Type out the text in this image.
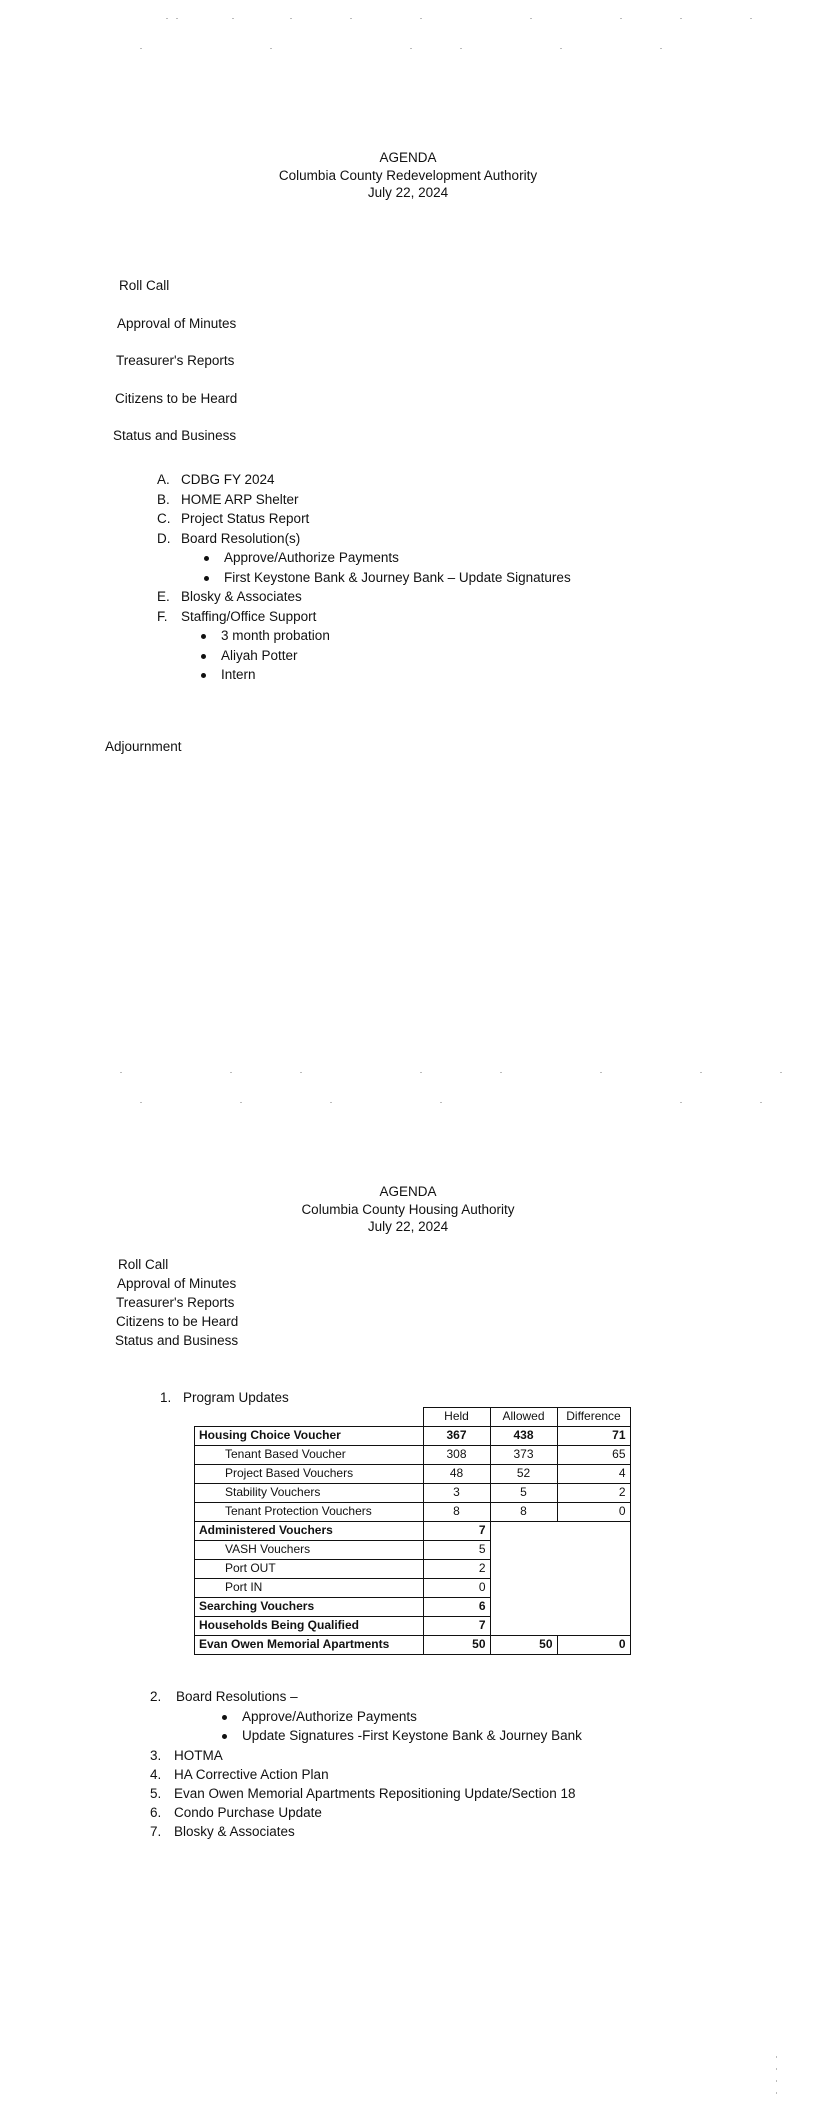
AGENDA
Columbia County Redevelopment Authority
July 22, 2024
Roll Call
Approval of Minutes
Treasurer's Reports
Citizens to be Heard
Status and Business
A. CDBG FY 2024
B. HOME ARP Shelter
C. Project Status Report
D. Board Resolution(s)
Approve/Authorize Payments
First Keystone Bank & Journey Bank – Update Signatures
E. Blosky & Associates
F. Staffing/Office Support
3 month probation
Aliyah Potter
Intern
Adjournment
AGENDA
Columbia County Housing Authority
July 22, 2024
Roll Call
Approval of Minutes
Treasurer's Reports
Citizens to be Heard
Status and Business
1. Program Updates
	Held	Allowed	Difference
Housing Choice Voucher	367	438	71
Tenant Based Voucher	308	373	65
Project Based Vouchers	48	52	4
Stability Vouchers	3	5	2
Tenant Protection Vouchers	8	8	0
Administered Vouchers	7		
VASH Vouchers	5		
Port OUT	2		
Port IN	0		
Searching Vouchers	6		
Households Being Qualified	7		
Evan Owen Memorial Apartments	50	50	0
2.	Board Resolutions –
Approve/Authorize Payments
Update Signatures -First Keystone Bank & Journey Bank
3. HOTMA
4. HA Corrective Action Plan
5. Evan Owen Memorial Apartments Repositioning Update/Section 18
6. Condo Purchase Update
7. Blosky & Associates
